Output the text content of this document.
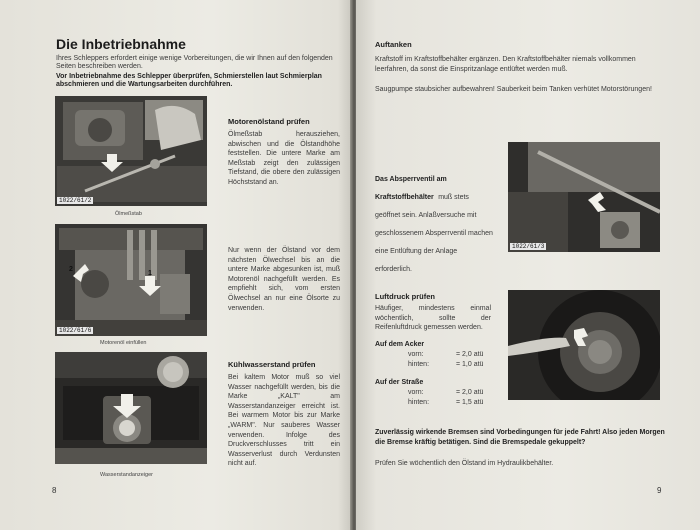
Die Inbetriebnahme
Ihres Schleppers erfordert einige wenige Vorbereitungen, die wir Ihnen auf den folgenden Seiten beschreiben werden.
Vor Inbetriebnahme des Schlepper überprüfen, Schmierstellen laut Schmierplan abschmieren und die Wartungsarbeiten durchführen.
1022/61/2
Ölmeßstab
Motorenölstand prüfen
Ölmeßstab herausziehen, abwischen und die Ölstandhöhe feststellen. Die untere Marke am Meßstab zeigt den zulässigen Tiefstand, die obere den zulässigen Höchststand an.
2
1
1022/61/6
Motorenöl einfüllen
Nur wenn der Ölstand vor dem nächsten Ölwechsel bis an die untere Marke abgesunken ist, muß Motorenöl nachgefüllt werden. Es empfiehlt sich, vom ersten Ölwechsel an nur eine Ölsorte zu verwenden.
Wasserstandanzeiger
Kühlwasserstand prüfen
Bei kaltem Motor muß so viel Wasser nachgefüllt werden, bis die Marke „KALT" am Wasserstandanzeiger erreicht ist. Bei warmem Motor bis zur Marke „WARM". Nur sauberes Wasser verwenden. Infolge des Druckverschlusses tritt ein Wasserverlust durch Verdunsten nicht auf.
8
Auftanken
Kraftstoff im Kraftstoffbehälter ergänzen. Den Kraftstoffbehälter niemals vollkommen leerfahren, da sonst die Einspritzanlage entlüftet werden muß.
Saugpumpe staubsicher aufbewahren! Sauberkeit beim Tanken verhütet Motorstörungen!
Das Absperrventil am Kraftstoffbehälter muß stets geöffnet sein. Anlaßversuche mit geschlossenem Absperrventil machen eine Entlüftung der Anlage erforderlich.
1022/61/3
Luftdruck prüfen
Häufiger, mindestens einmal wöchentlich, sollte der Reifenluftdruck gemessen werden.
Auf dem Acker
vorn:	= 2,0 atü
hinten:	= 1,0 atü
Auf der Straße
vorn:	= 2,0 atü
hinten:	= 1,5 atü
Zuverlässig wirkende Bremsen sind Vorbedingungen für jede Fahrt! Also jeden Morgen die Bremse kräftig betätigen. Sind die Bremspedale gekuppelt?
Prüfen Sie wöchentlich den Ölstand im Hydraulikbehälter.
9
